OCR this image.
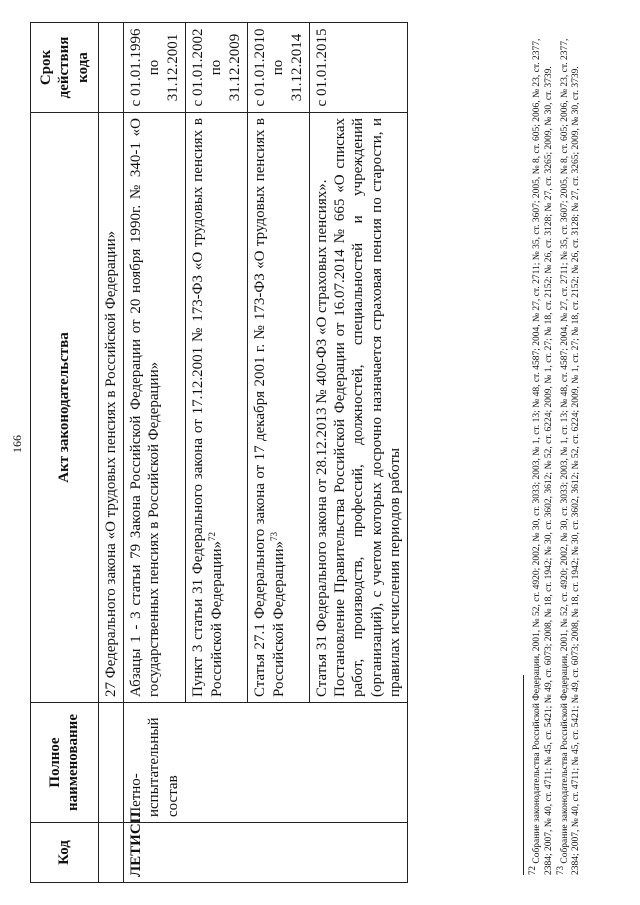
166
Код	Полное наименование	Акт законодательства	Срок действия кода
		27 Федерального закона «О трудовых пенсиях в Российской Федерации»	
ЛЕТИСП	Летно-испытательный состав	Абзацы 1 - 3 статьи 79 Закона Российской Федерации от 20 ноября 1990г. № 340-1 «О государственных пенсиях в Российской Федерации»	с 01.01.1996 по 31.12.2001
		Пункт 3 статьи 31 Федерального закона от 17.12.2001 № 173-ФЗ «О трудовых пенсиях в Российской Федерации»$^{72}$	с 01.01.2002 по 31.12.2009
		Статья 27.1 Федерального закона от 17 декабря 2001 г. № 173-ФЗ «О трудовых пенсиях в Российской Федерации»$^{73}$	с 01.01.2010 по 31.12.2014

		Статья 31 Федерального закона от 28.12.2013 № 400-ФЗ «О страховых пенсиях». Постановление Правительства Российской Федерации от 16.07.2014 № 665 «О списках работ, производств, профессий, должностей, специальностей и учреждений (организаций), с учетом которых досрочно назначается страховая пенсия по старости, и правилах исчисления периодов работы	с 01.01.2015

$^{72}$ Собрание законодательства Российской Федерации, 2001, № 52, ст. 4920; 2002, № 30, ст. 3033; 2003, № 1, ст. 13; № 48, ст. 4587; 2004, № 27, ст. 2711; № 35, ст. 3607; 2005, № 8, ст. 605; 2006, № 23, ст. 2377, 2384; 2007, № 40, ст. 4711; № 45, ст. 5421; № 49, ст. 6073; 2008, № 18, ст. 1942; № 30, ст. 3602, 3612; № 52, ст. 6224; 2009, № 1, ст. 27; № 18, ст. 2152; № 26, ст. 3128; № 27, ст. 3265; 2009, № 30, ст. 3739. $^{73}$ Собрание законодательства Российской Федерации, 2001, № 52, ст. 4920; 2002, № 30, ст. 3033; 2003, № 1, ст. 13; № 48, ст. 4587; 2004, № 27, ст. 2711; № 35, ст. 3607; 2005, № 8, ст. 605; 2006, № 23, ст. 2377, 2384; 2007, № 40, ст. 4711; № 45, ст. 5421; № 49, ст. 6073; 2008, № 18, ст. 1942; № 30, ст. 3602, 3612; № 52, ст. 6224; 2009, № 1, ст. 27; № 18, ст. 2152; № 26, ст. 3128; № 27, ст. 3265; 2009, № 30, ст. 3739.
